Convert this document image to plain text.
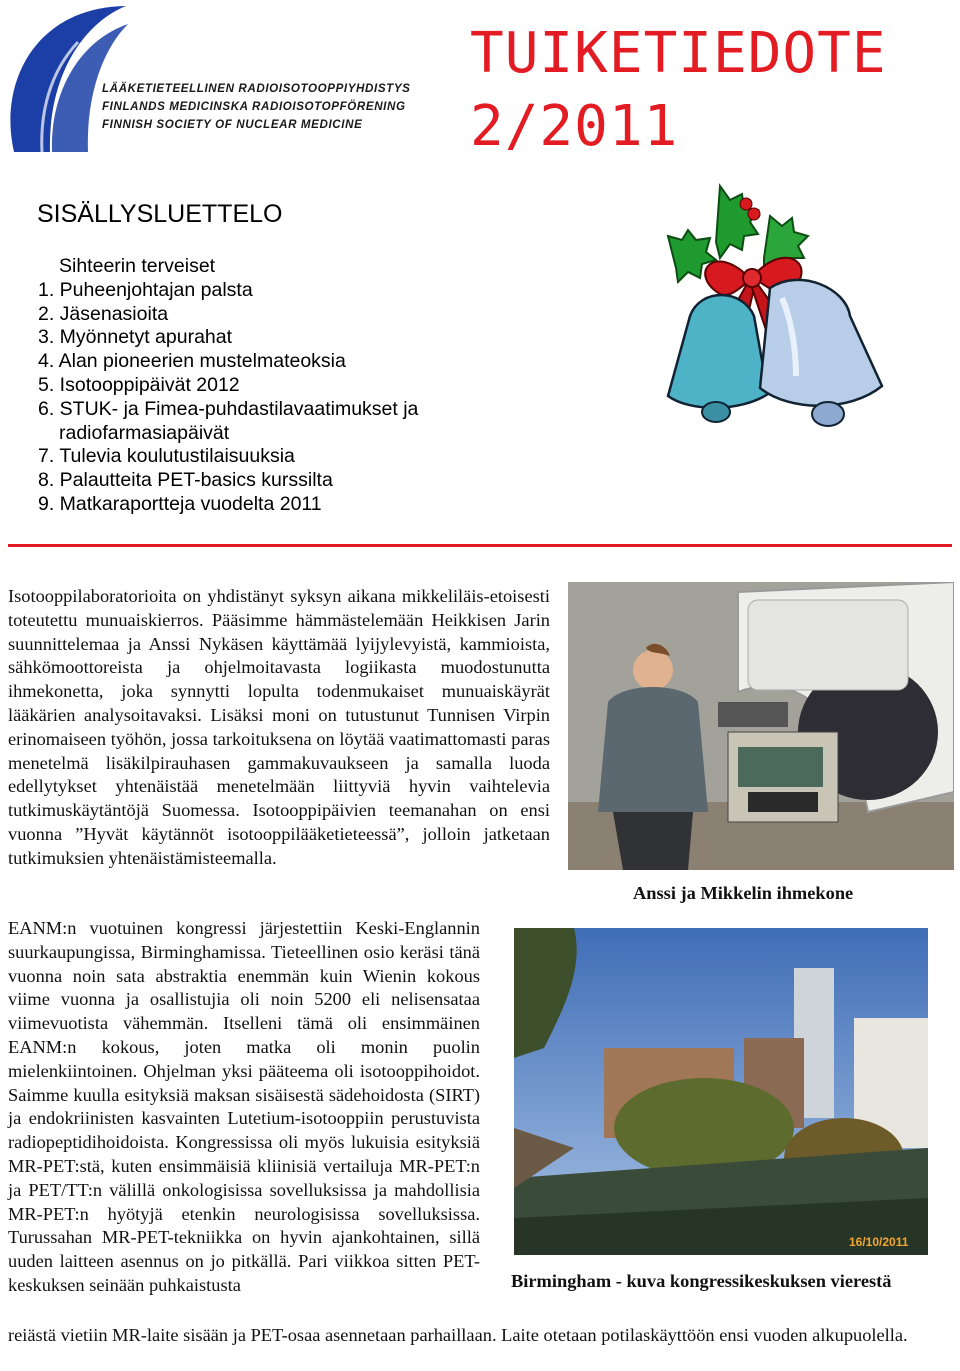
LÄÄKETIETEELLINEN RADIOISOTOOPPIYHDISTYS
FINLANDS MEDICINSKA RADIOISOTOPFÖRENING
FINNISH SOCIETY OF NUCLEAR MEDICINE
TUIKETIEDOTE
2/2011
SISÄLLYSLUETTELO
Sihteerin terveiset
1. Puheenjohtajan palsta
2. Jäsenasioita
3. Myönnetyt apurahat
4. Alan pioneerien mustelmateoksia
5. Isotooppipäivät 2012
6. STUK- ja Fimea-puhdastilavaatimukset ja
radiofarmasiapäivät
7. Tulevia koulutustilaisuuksia
8. Palautteita PET-basics kurssilta
9. Matkaraportteja vuodelta 2011

Isotooppilaboratorioita on yhdistänyt syksyn aikana mikkeliläis-etoisesti toteutettu munuaiskierros. Pääsimme hämmästelemään Heikkisen Jarin suunnittelemaa ja Anssi Nykäsen käyttämää lyijylevyistä, kammioista, sähkömoottoreista ja ohjelmoitavasta logiikasta muodostunutta ihmekonetta, joka synnytti lopulta todenmukaiset munuaiskäyrät lääkärien analysoitavaksi. Lisäksi moni on tutustunut Tunnisen Virpin erinomaiseen työhön, jossa tarkoituksena on löytää vaatimattomasti paras menetelmä lisäkilpirauhasen gammakuvaukseen ja samalla luoda edellytykset yhtenäistää menetelmään liittyviä hyvin vaihtelevia tutkimuskäytäntöjä Suomessa. Isotooppipäivien teemanahan on ensi vuonna ”Hyvät käytännöt isotooppilääketieteessä”, jolloin jatketaan tutkimuksien yhtenäistämisteemalla.

Anssi ja Mikkelin ihmekone

EANM:n vuotuinen kongressi järjestettiin Keski-Englannin suurkaupungissa, Birminghamissa. Tieteellinen osio keräsi tänä vuonna noin sata abstraktia enemmän kuin Wienin kokous viime vuonna ja osallistujia oli noin 5200 eli nelisensataa viimevuotista vähemmän. Itselleni tämä oli ensimmäinen EANM:n kokous, joten matka oli monin puolin mielenkiintoinen. Ohjelman yksi pääteema oli isotooppihoidot. Saimme kuulla esityksiä maksan sisäisestä sädehoidosta (SIRT) ja endokriinisten kasvainten Lutetium-isotooppiin perustuvista radiopeptidihoidoista. Kongressissa oli myös lukuisia esityksiä MR-PET:stä, kuten ensimmäisiä kliinisiä vertailuja MR-PET:n ja PET/TT:n välillä onkologisissa sovelluksissa ja mahdollisia MR-PET:n hyötyjä etenkin neurologisissa sovelluksissa. Turussahan MR-PET-tekniikka on hyvin ajankohtainen, sillä uuden laitteen asennus on jo pitkällä. Pari viikkoa sitten PET-keskuksen seinään puhkaistusta

16/10/2011
Birmingham - kuva kongressikeskuksen vierestä

reiästä vietiin MR-laite sisään ja PET-osaa asennetaan parhaillaan. Laite otetaan potilaskäyttöön ensi vuoden alkupuolella.
